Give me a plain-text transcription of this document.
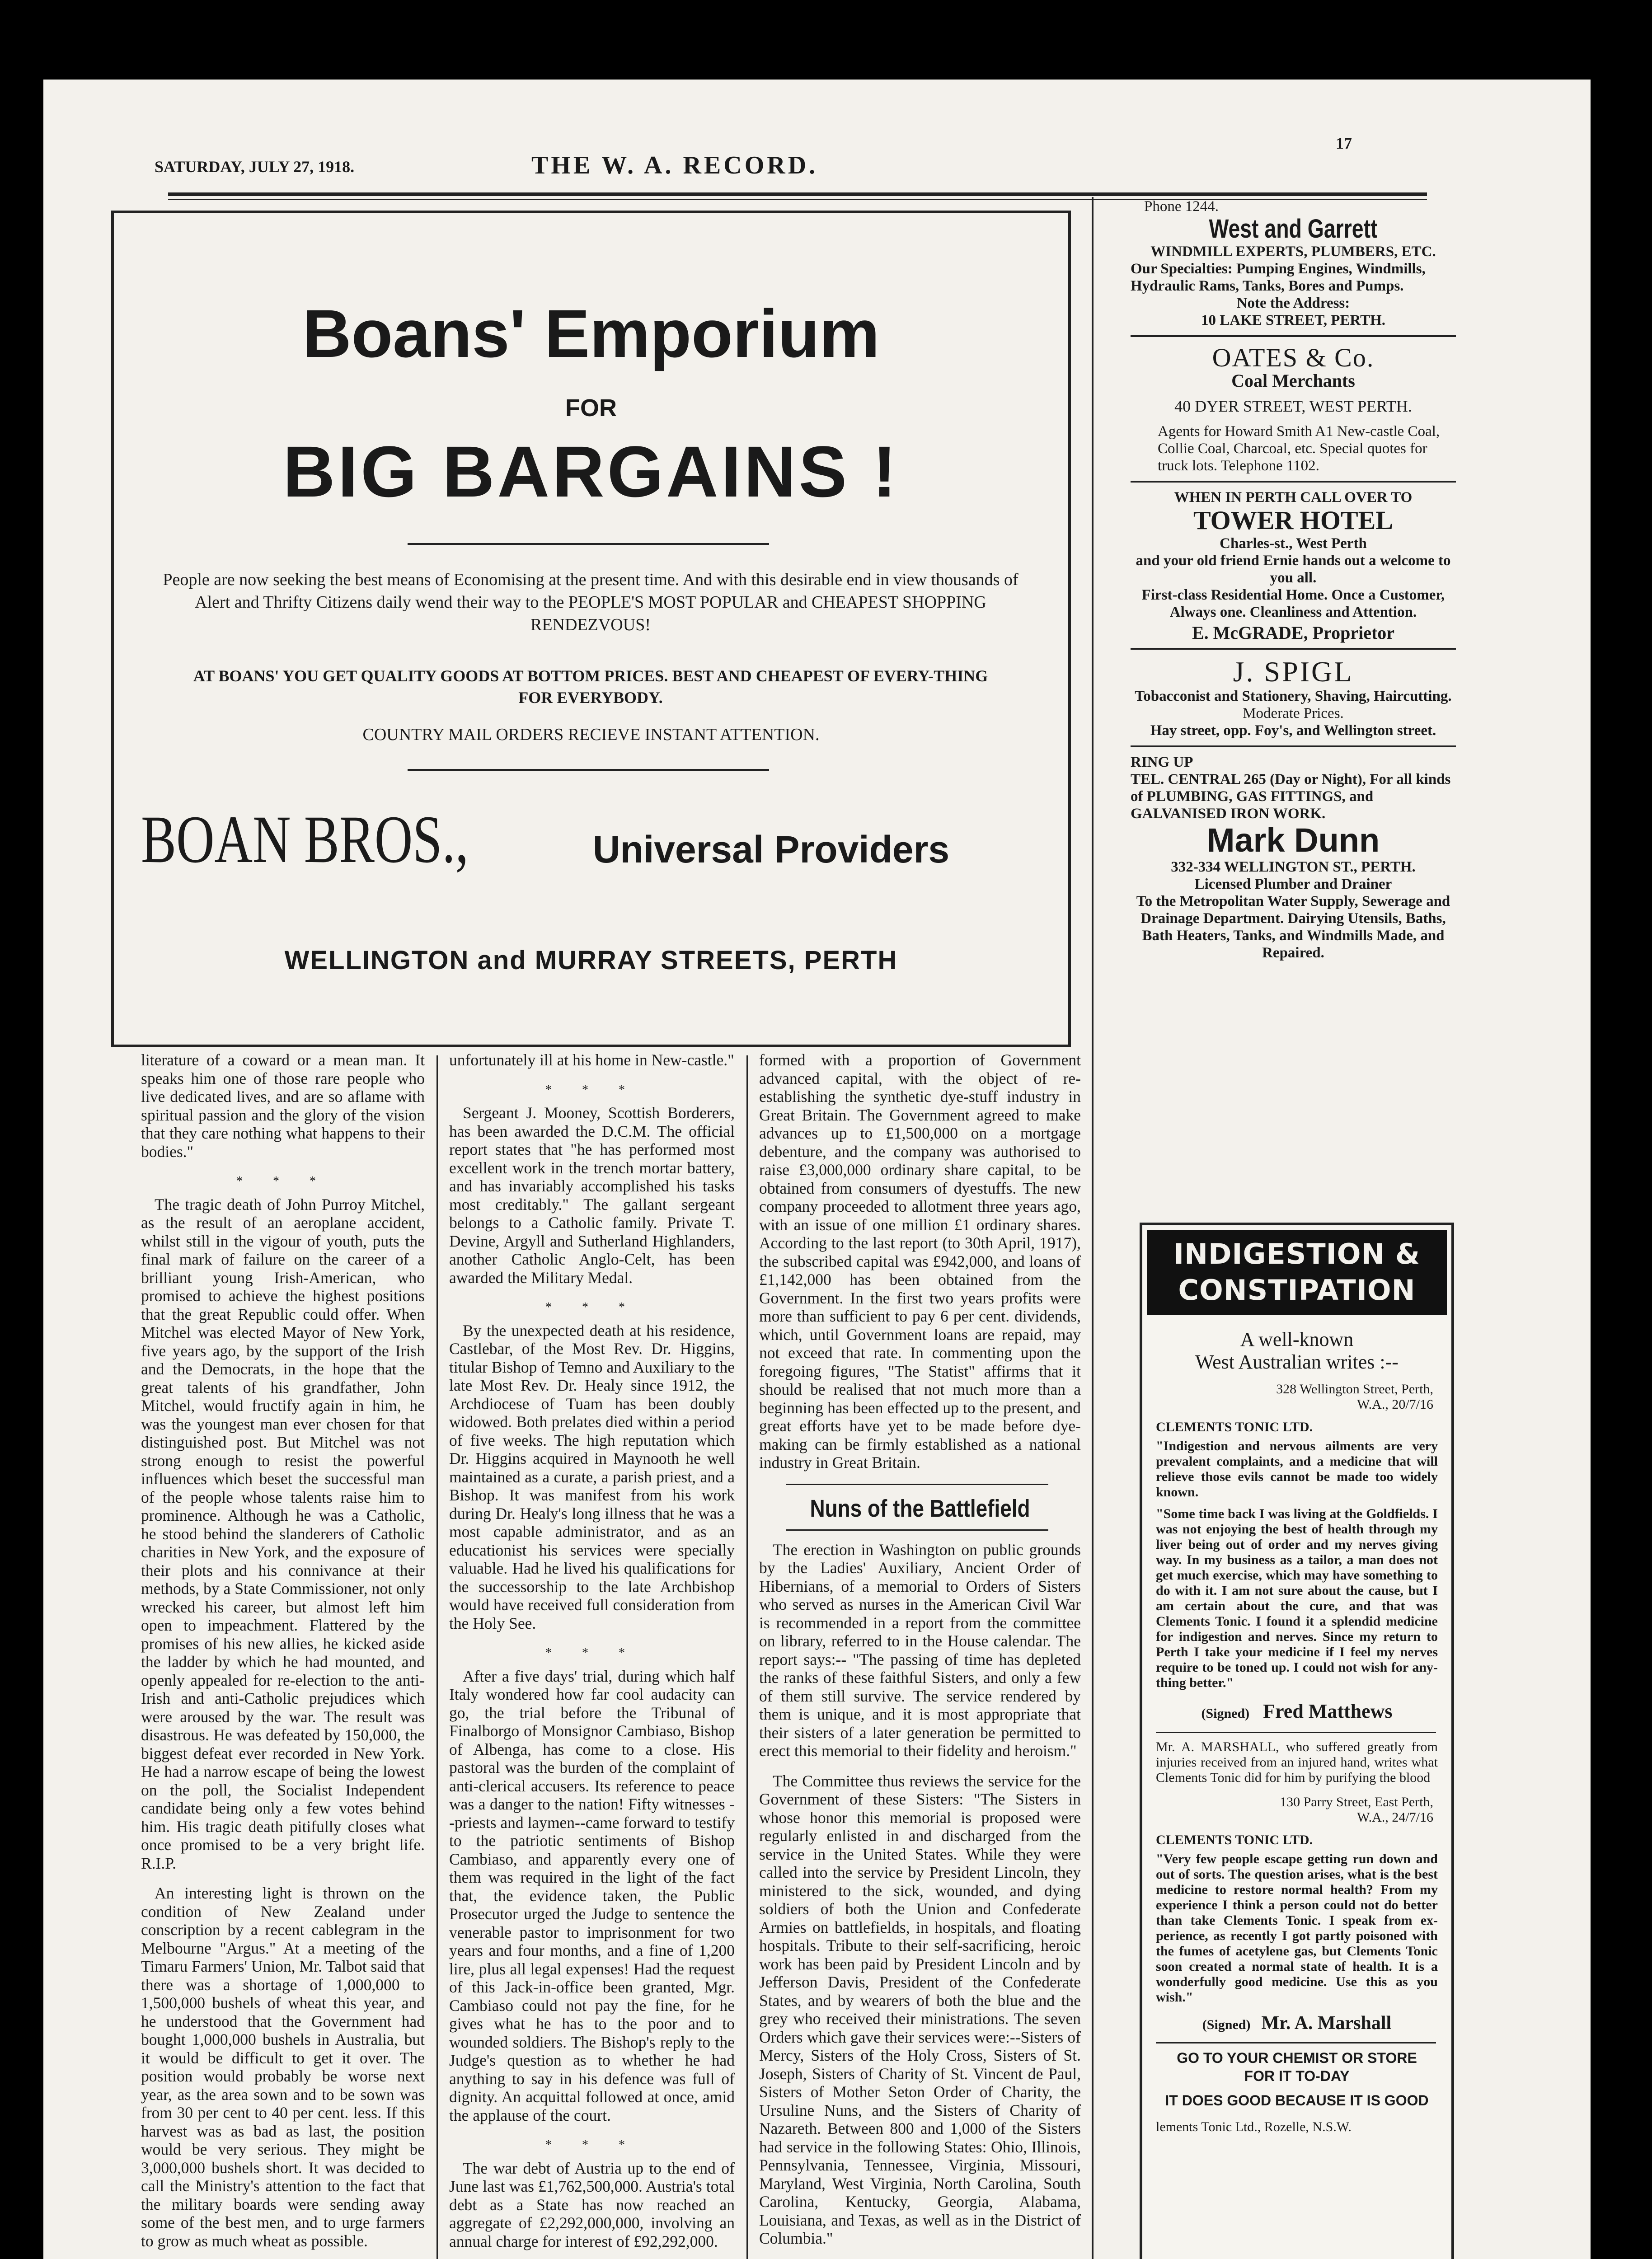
SATURDAY, JULY 27, 1918.	THE W. A. RECORD.
17
Boans' Emporium
FOR
BIG BARGAINS !
People are now seeking the best means of Economising at the present time. And with this desirable end in view thousands of Alert and Thrifty Citizens daily wend their way to the PEOPLE'S MOST POPULAR and CHEAPEST SHOPPING RENDEZVOUS!
AT BOANS' YOU GET QUALITY GOODS AT BOTTOM PRICES. BEST AND CHEAPEST OF EVERY-THING FOR EVERYBODY.
COUNTRY MAIL ORDERS RECIEVE INSTANT ATTENTION.
BOAN BROS.,	Universal Providers
WELLINGTON and MURRAY STREETS, PERTH

literature of a coward or a mean man. It speaks him one of those rare people who live dedicated lives, and are so aflame with spiritual passion and the glory of the vision that they care nothing what happens to their bodies."

* * *

The tragic death of John Purroy Mitchel, as the result of an aeroplane accident, whilst still in the vigour of youth, puts the final mark of failure on the career of a brilliant young Irish-American, who promised to achieve the highest positions that the great Republic could offer. When Mitchel was elected Mayor of New York, five years ago, by the support of the Irish and the Democrats, in the hope that the great talents of his grandfather, John Mitchel, would fructify again in him, he was the youngest man ever chosen for that distinguished post. But Mitchel was not strong enough to resist the powerful influences which beset the successful man of the people whose talents raise him to prominence. Although he was a Catholic, he stood behind the slanderers of Catholic charities in New York, and the exposure of their plots and his connivance at their methods, by a State Commissioner, not only wrecked his career, but almost left him open to impeachment. Flattered by the promises of his new allies, he kicked aside the ladder by which he had mounted, and openly appealed for re-election to the anti-Irish and anti-Catholic prejudices which were aroused by the war. The result was disastrous. He was defeated by 150,000, the biggest defeat ever recorded in New York. He had a narrow escape of being the lowest on the poll, the Socialist Independent candidate being only a few votes behind him. His tragic death pitifully closes what once promised to be a very bright life. R.I.P.

An interesting light is thrown on the condition of New Zealand under conscription by a recent cablegram in the Melbourne "Argus." At a meeting of the Timaru Farmers' Union, Mr. Talbot said that there was a shortage of 1,000,000 to 1,500,000 bushels of wheat this year, and he understood that the Government had bought 1,000,000 bushels in Australia, but it would be difficult to get it over. The position would probably be worse next year, as the area sown and to be sown was from 30 per cent to 40 per cent. less. If this harvest was as bad as last, the position would be very serious. They might be 3,000,000 bushels short. It was decided to call the Ministry's attention to the fact that the military boards were sending away some of the best men, and to urge farmers to grow as much wheat as possible.

unfortunately ill at his home in New-castle."

* * *

Sergeant J. Mooney, Scottish Borderers, has been awarded the D.C.M. The official report states that "he has performed most excellent work in the trench mortar battery, and has invariably accomplished his tasks most creditably." The gallant sergeant belongs to a Catholic family. Private T. Devine, Argyll and Sutherland Highlanders, another Catholic Anglo-Celt, has been awarded the Military Medal.

* * *

By the unexpected death at his residence, Castlebar, of the Most Rev. Dr. Higgins, titular Bishop of Temno and Auxiliary to the late Most Rev. Dr. Healy since 1912, the Archdiocese of Tuam has been doubly widowed. Both prelates died within a period of five weeks. The high reputation which Dr. Higgins acquired in Maynooth he well maintained as a curate, a parish priest, and a Bishop. It was manifest from his work during Dr. Healy's long illness that he was a most capable administrator, and as an educationist his services were specially valuable. Had he lived his qualifications for the successorship to the late Archbishop would have received full consideration from the Holy See.

* * *

After a five days' trial, during which half Italy wondered how far cool audacity can go, the trial before the Tribunal of Finalborgo of Monsignor Cambiaso, Bishop of Albenga, has come to a close. His pastoral was the burden of the complaint of anti-clerical accusers. Its reference to peace was a danger to the nation! Fifty witnesses --priests and laymen--came forward to testify to the patriotic sentiments of Bishop Cambiaso, and apparently every one of them was required in the light of the fact that, the evidence taken, the Public Prosecutor urged the Judge to sentence the venerable pastor to imprisonment for two years and four months, and a fine of 1,200 lire, plus all legal expenses! Had the request of this Jack-in-office been granted, Mgr. Cambiaso could not pay the fine, for he gives what he has to the poor and to wounded soldiers. The Bishop's reply to the Judge's question as to whether he had anything to say in his defence was full of dignity. An acquittal followed at once, amid the applause of the court.

* * *

The war debt of Austria up to the end of June last was £1,762,500,000. Austria's total debt as a State has now reached an aggregate of £2,292,000,000, involving an annual charge for interest of £92,292,000.

formed with a proportion of Government advanced capital, with the object of re-establishing the synthetic dye-stuff industry in Great Britain. The Government agreed to make advances up to £1,500,000 on a mortgage debenture, and the company was authorised to raise £3,000,000 ordinary share capital, to be obtained from consumers of dyestuffs. The new company proceeded to allotment three years ago, with an issue of one million £1 ordinary shares. According to the last report (to 30th April, 1917), the subscribed capital was £942,000, and loans of £1,142,000 has been obtained from the Government. In the first two years profits were more than sufficient to pay 6 per cent. dividends, which, until Government loans are repaid, may not exceed that rate. In commenting upon the foregoing figures, "The Statist" affirms that it should be realised that not much more than a beginning has been effected up to the present, and great efforts have yet to be made before dye-making can be firmly established as a national industry in Great Britain.

Nuns of the Battlefield

The erection in Washington on public grounds by the Ladies' Auxiliary, Ancient Order of Hibernians, of a memorial to Orders of Sisters who served as nurses in the American Civil War is recommended in a report from the committee on library, referred to in the House calendar. The report says:-- "The passing of time has depleted the ranks of these faithful Sisters, and only a few of them still survive. The service rendered by them is unique, and it is most appropriate that their sisters of a later generation be permitted to erect this memorial to their fidelity and heroism."

The Committee thus reviews the service for the Government of these Sisters: "The Sisters in whose honor this memorial is proposed were regularly enlisted in and discharged from the service in the United States. While they were called into the service by President Lincoln, they ministered to the sick, wounded, and dying soldiers of both the Union and Confederate Armies on battlefields, in hospitals, and floating hospitals. Tribute to their self-sacrificing, heroic work has been paid by President Lincoln and by Jefferson Davis, President of the Confederate States, and by wearers of both the blue and the grey who received their ministrations. The seven Orders which gave their services were:--Sisters of Mercy, Sisters of the Holy Cross, Sisters of St. Joseph, Sisters of Charity of St. Vincent de Paul, Sisters of Mother Seton Order of Charity, the Ursuline Nuns, and the Sisters of Charity of Nazareth. Between 800 and 1,000 of the Sisters had service in the following States: Ohio, Illinois, Pennsylvania, Tennessee, Virginia, Missouri, Maryland, West Virginia, North Carolina, South Carolina, Kentucky, Georgia, Alabama, Louisiana, and Texas, as well as in the District of Columbia."

Phone 1244.
West and Garrett
WINDMILL EXPERTS, PLUMBERS, ETC.
Our Specialties: Pumping Engines, Windmills, Hydraulic Rams, Tanks, Bores and Pumps.
Note the Address:
10 LAKE STREET, PERTH.
OATES & Co.
Coal Merchants
40 DYER STREET, WEST PERTH.
Agents for Howard Smith A1 New-castle Coal, Collie Coal, Charcoal, etc. Special quotes for truck lots. Telephone 1102.
WHEN IN PERTH CALL OVER TO
TOWER HOTEL
Charles-st., West Perth
and your old friend Ernie hands out a welcome to you all.
First-class Residential Home. Once a Customer, Always one. Cleanliness and Attention.
E. McGRADE, Proprietor
J. SPIGL
Tobacconist and Stationery, Shaving, Haircutting.
Moderate Prices.
Hay street, opp. Foy's, and Wellington street.
RING UP
TEL. CENTRAL 265 (Day or Night), For all kinds of PLUMBING, GAS FITTINGS, and GALVANISED IRON WORK.
Mark Dunn
332-334 WELLINGTON ST., PERTH.
Licensed Plumber and Drainer
To the Metropolitan Water Supply, Sewerage and Drainage Department. Dairying Utensils, Baths, Bath Heaters, Tanks, and Windmills Made, and Repaired.
INDIGESTION &
CONSTIPATION
A well-known
West Australian writes :--
328 Wellington Street, Perth, W.A., 20/7/16
CLEMENTS TONIC LTD.
"Indigestion and nervous ailments are very prevalent complaints, and a medicine that will relieve those evils cannot be made too widely known.
"Some time back I was living at the Goldfields. I was not enjoying the best of health through my liver being out of order and my nerves giving way. In my business as a tailor, a man does not get much exercise, which may have something to do with it. I am not sure about the cause, but I am certain about the cure, and that was Clements Tonic. I found it a splendid medicine for indigestion and nerves. Since my return to Perth I take your medicine if I feel my nerves require to be toned up. I could not wish for any-thing better."
(Signed) Fred Matthews
Mr. A. MARSHALL, who suffered greatly from injuries received from an injured hand, writes what Clements Tonic did for him by purifying the blood
130 Parry Street, East Perth, W.A., 24/7/16
CLEMENTS TONIC LTD.
"Very few people escape getting run down and out of sorts. The question arises, what is the best medicine to restore normal health? From my experience I think a person could not do better than take Clements Tonic. I speak from ex-perience, as recently I got partly poisoned with the fumes of acetylene gas, but Clements Tonic soon created a normal state of health. It is a wonderfully good medicine. Use this as you wish."
(Signed) Mr. A. Marshall
GO TO YOUR CHEMIST OR STORE FOR IT TO-DAY
IT DOES GOOD BECAUSE IT IS GOOD
lements Tonic Ltd., Rozelle, N.S.W.
